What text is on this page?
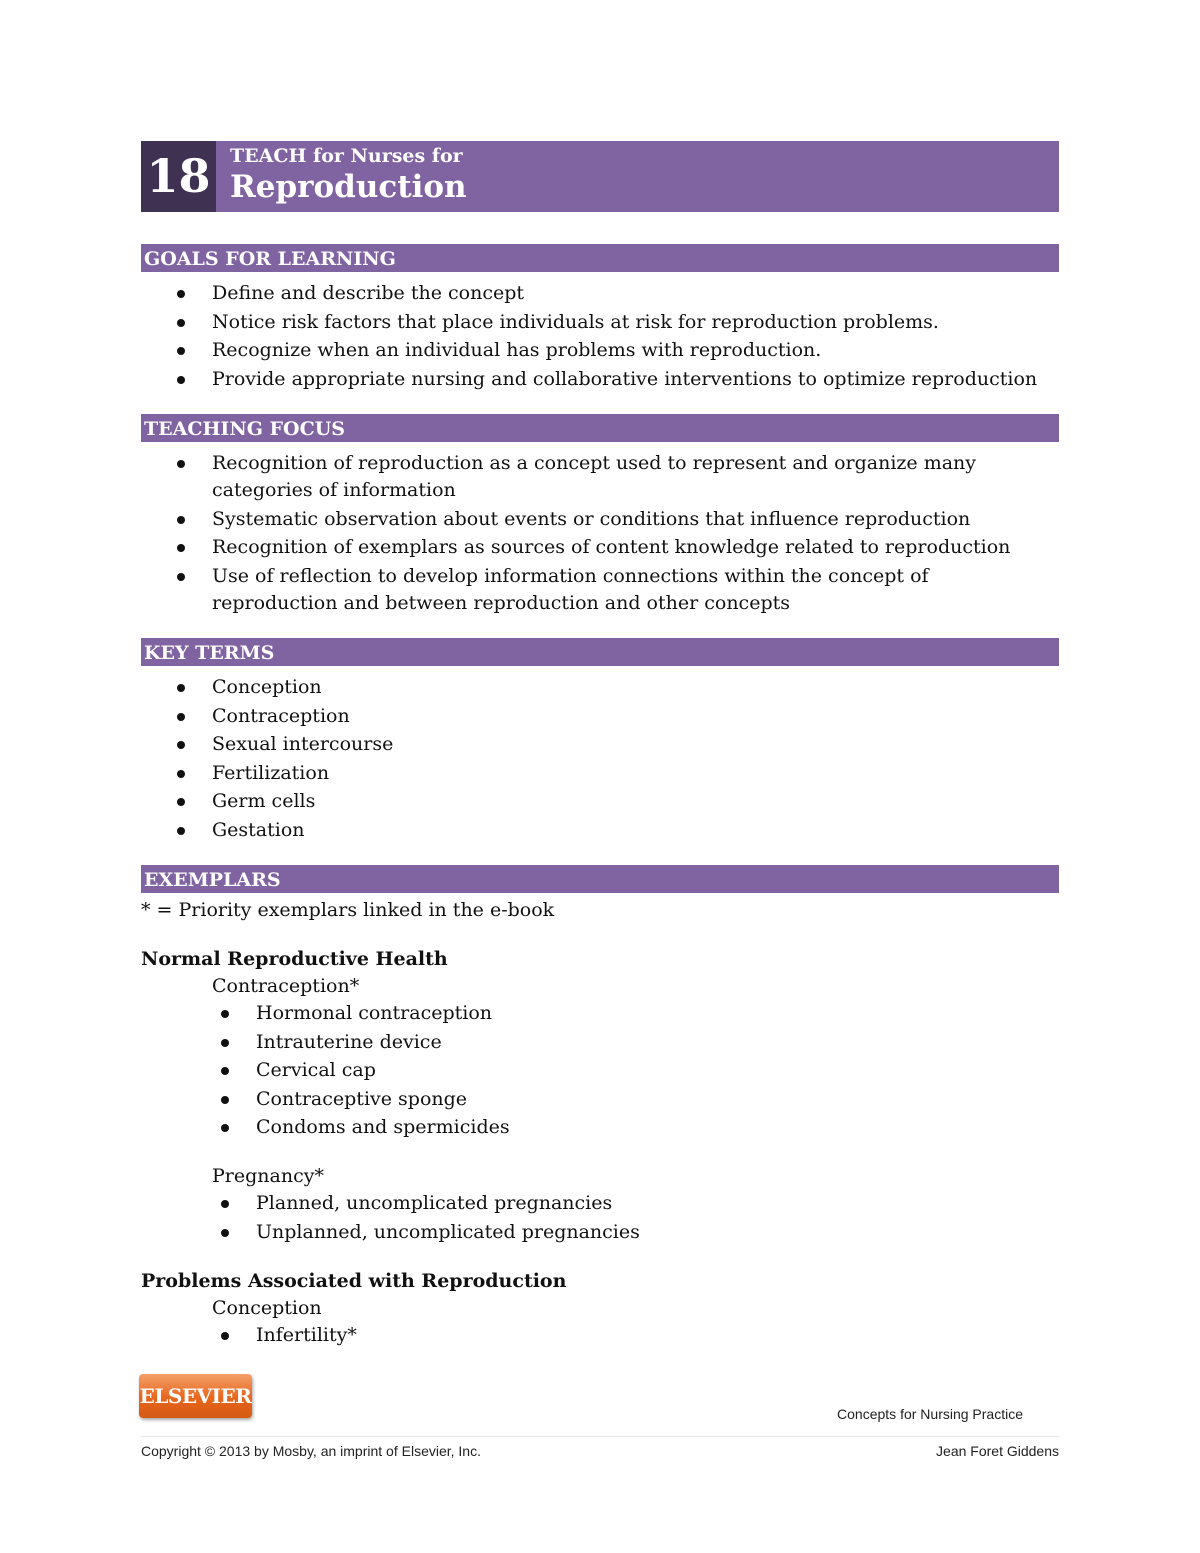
18 TEACH for Nurses for
Reproduction
GOALS FOR LEARNING
Define and describe the concept
Notice risk factors that place individuals at risk for reproduction problems.
Recognize when an individual has problems with reproduction.
Provide appropriate nursing and collaborative interventions to optimize reproduction
TEACHING FOCUS
Recognition of reproduction as a concept used to represent and organize many categories of information
Systematic observation about events or conditions that influence reproduction
Recognition of exemplars as sources of content knowledge related to reproduction
Use of reflection to develop information connections within the concept of reproduction and between reproduction and other concepts
KEY TERMS
Conception
Contraception
Sexual intercourse
Fertilization
Germ cells
Gestation
EXEMPLARS
* = Priority exemplars linked in the e-book
Normal Reproductive Health
Contraception*
Hormonal contraception
Intrauterine device
Cervical cap
Contraceptive sponge
Condoms and spermicides
Pregnancy*
Planned, uncomplicated pregnancies
Unplanned, uncomplicated pregnancies
Problems Associated with Reproduction
Conception
Infertility*
ELSEVIER
Concepts for Nursing Practice
Copyright © 2013 by Mosby, an imprint of Elsevier, Inc.	Jean Foret Giddens
